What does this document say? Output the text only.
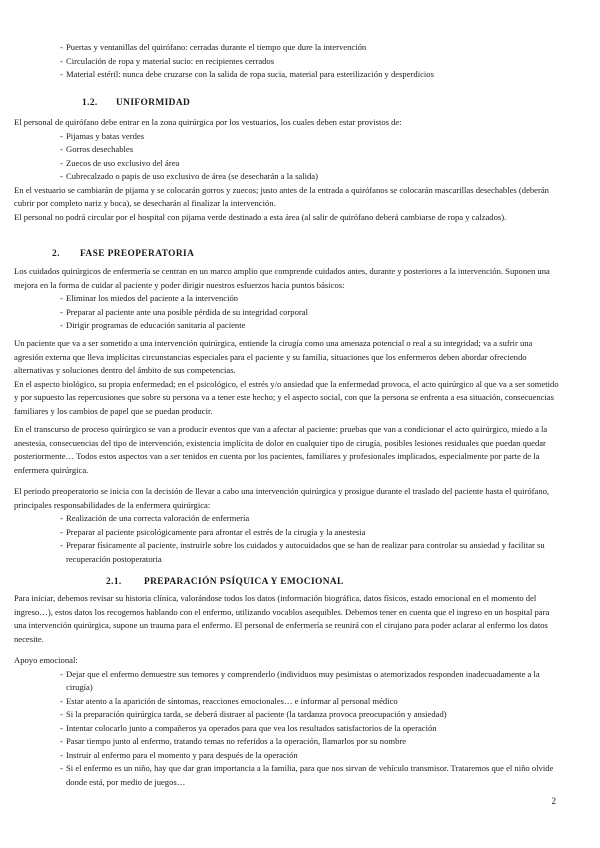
- Puertas y ventanillas del quirófano: cerradas durante el tiempo que dure la intervención
- Circulación de ropa y material sucio: en recipientes cerrados
- Material estéril: nunca debe cruzarse con la salida de ropa sucia, material para esterilización y desperdicios
1.2. UNIFORMIDAD

El personal de quirófano debe entrar en la zona quirúrgica por los vestuarios, los cuales deben estar provistos de:

- Pijamas y batas verdes
- Gorros desechables
- Zuecos de uso exclusivo del área
- Cubrecalzado o papis de uso exclusivo de área (se desecharán a la salida)

En el vestuario se cambiarán de pijama y se colocarán gorros y zuecos; justo antes de la entrada a quirófanos se colocarán mascarillas desechables (deberán cubrir por completo nariz y boca), se desecharán al finalizar la intervención.

El personal no podrá circular por el hospital con pijama verde destinado a esta área (al salir de quirófano deberá cambiarse de ropa y calzados).

2. FASE PREOPERATORIA

Los cuidados quirúrgicos de enfermería se centran en un marco amplio que comprende cuidados antes, durante y posteriores a la intervención. Suponen una mejora en la forma de cuidar al paciente y poder dirigir nuestros esfuerzos hacia puntos básicos:

- Eliminar los miedos del paciente a la intervención
- Preparar al paciente ante una posible pérdida de su integridad corporal
- Dirigir programas de educación sanitaria al paciente

Un paciente que va a ser sometido a una intervención quirúrgica, entiende la cirugía como una amenaza potencial o real a su integridad; va a sufrir una agresión externa que lleva implícitas circunstancias especiales para el paciente y su familia, situaciones que los enfermeros deben abordar ofreciendo alternativas y soluciones dentro del ámbito de sus competencias.

En el aspecto biológico, su propia enfermedad; en el psicológico, el estrés y/o ansiedad que la enfermedad provoca, el acto quirúrgico al que va a ser sometido y por supuesto las repercusiones que sobre su persona va a tener este hecho; y el aspecto social, con que la persona se enfrenta a esa situación, consecuencias familiares y los cambios de papel que se puedan producir.

En el transcurso de proceso quirúrgico se van a producir eventos que van a afectar al paciente: pruebas que van a condicionar el acto quirúrgico, miedo a la anestesia, consecuencias del tipo de intervención, existencia implícita de dolor en cualquier tipo de cirugía, posibles lesiones residuales que puedan quedar posteriormente… Todos estos aspectos van a ser tenidos en cuenta por los pacientes, familiares y profesionales implicados, especialmente por parte de la enfermera quirúrgica.

El periodo preoperatorio se inicia con la decisión de llevar a cabo una intervención quirúrgica y prosigue durante el traslado del paciente hasta el quirófano, principales responsabilidades de la enfermera quirúrgica:

- Realización de una correcta valoración de enfermería
- Preparar al paciente psicológicamente para afrontar el estrés de la cirugía y la anestesia
- Preparar físicamente al paciente, instruirle sobre los cuidados y autocuidados que se han de realizar para controlar su ansiedad y facilitar su recuperación postoperatoria
2.1. PREPARACIÓN PSÍQUICA Y EMOCIONAL

Para iniciar, debemos revisar su historia clínica, valorándose todos los datos (información biográfica, datos físicos, estado emocional en el momento del ingreso…), estos datos los recogemos hablando con el enfermo, utilizando vocablos asequibles. Debemos tener en cuenta que el ingreso en un hospital para una intervención quirúrgica, supone un trauma para el enfermo. El personal de enfermería se reunirá con el cirujano para poder aclarar al enfermo los datos necesite.

Apoyo emocional:

- Dejar que el enfermo demuestre sus temores y comprenderlo (individuos muy pesimistas o atemorizados responden inadecuadamente a la cirugía)
- Estar atento a la aparición de síntomas, reacciones emocionales… e informar al personal médico
- Si la preparación quirúrgica tarda, se deberá distraer al paciente (la tardanza provoca preocupación y ansiedad)
- Intentar colocarlo junto a compañeros ya operados para que vea los resultados satisfactorios de la operación
- Pasar tiempo junto al enfermo, tratando temas no referidos a la operación, llamarlos por su nombre
- Instruir al enfermo para el momento y para después de la operación
- Si el enfermo es un niño, hay que dar gran importancia a la familia, para que nos sirvan de vehículo transmisor. Trataremos que el niño olvide donde está, por medio de juegos…
2
